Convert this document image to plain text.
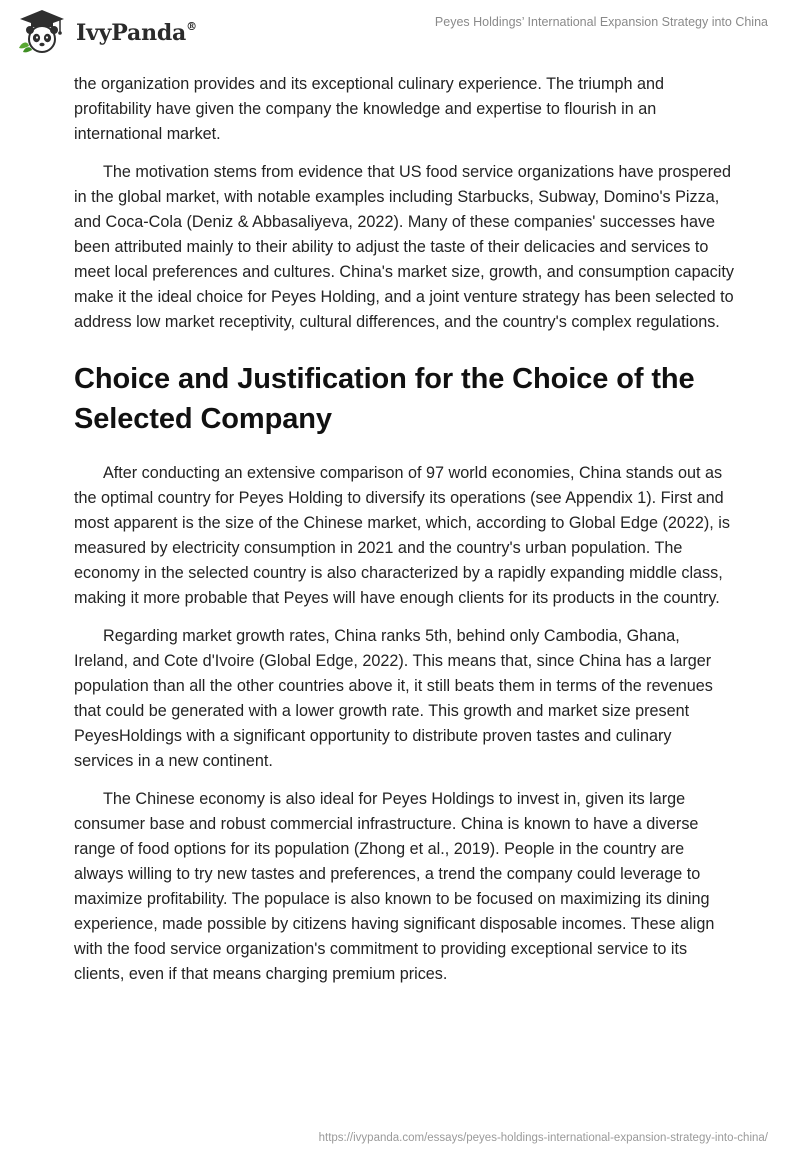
IvyPanda®	Peyes Holdings’ International Expansion Strategy into China

the organization provides and its exceptional culinary experience. The triumph and profitability have given the company the knowledge and expertise to flourish in an international market.

The motivation stems from evidence that US food service organizations have prospered in the global market, with notable examples including Starbucks, Subway, Domino's Pizza, and Coca-Cola (Deniz & Abbasaliyeva, 2022). Many of these companies' successes have been attributed mainly to their ability to adjust the taste of their delicacies and services to meet local preferences and cultures. China's market size, growth, and consumption capacity make it the ideal choice for Peyes Holding, and a joint venture strategy has been selected to address low market receptivity, cultural differences, and the country's complex regulations.

Choice and Justification for the Choice of the Selected Company

After conducting an extensive comparison of 97 world economies, China stands out as the optimal country for Peyes Holding to diversify its operations (see Appendix 1). First and most apparent is the size of the Chinese market, which, according to Global Edge (2022), is measured by electricity consumption in 2021 and the country's urban population. The economy in the selected country is also characterized by a rapidly expanding middle class, making it more probable that Peyes will have enough clients for its products in the country.

Regarding market growth rates, China ranks 5th, behind only Cambodia, Ghana, Ireland, and Cote d'Ivoire (Global Edge, 2022). This means that, since China has a larger population than all the other countries above it, it still beats them in terms of the revenues that could be generated with a lower growth rate. This growth and market size present PeyesHoldings with a significant opportunity to distribute proven tastes and culinary services in a new continent.

The Chinese economy is also ideal for Peyes Holdings to invest in, given its large consumer base and robust commercial infrastructure. China is known to have a diverse range of food options for its population (Zhong et al., 2019). People in the country are always willing to try new tastes and preferences, a trend the company could leverage to maximize profitability. The populace is also known to be focused on maximizing its dining experience, made possible by citizens having significant disposable incomes. These align with the food service organization's commitment to providing exceptional service to its clients, even if that means charging premium prices.

https://ivypanda.com/essays/peyes-holdings-international-expansion-strategy-into-china/
